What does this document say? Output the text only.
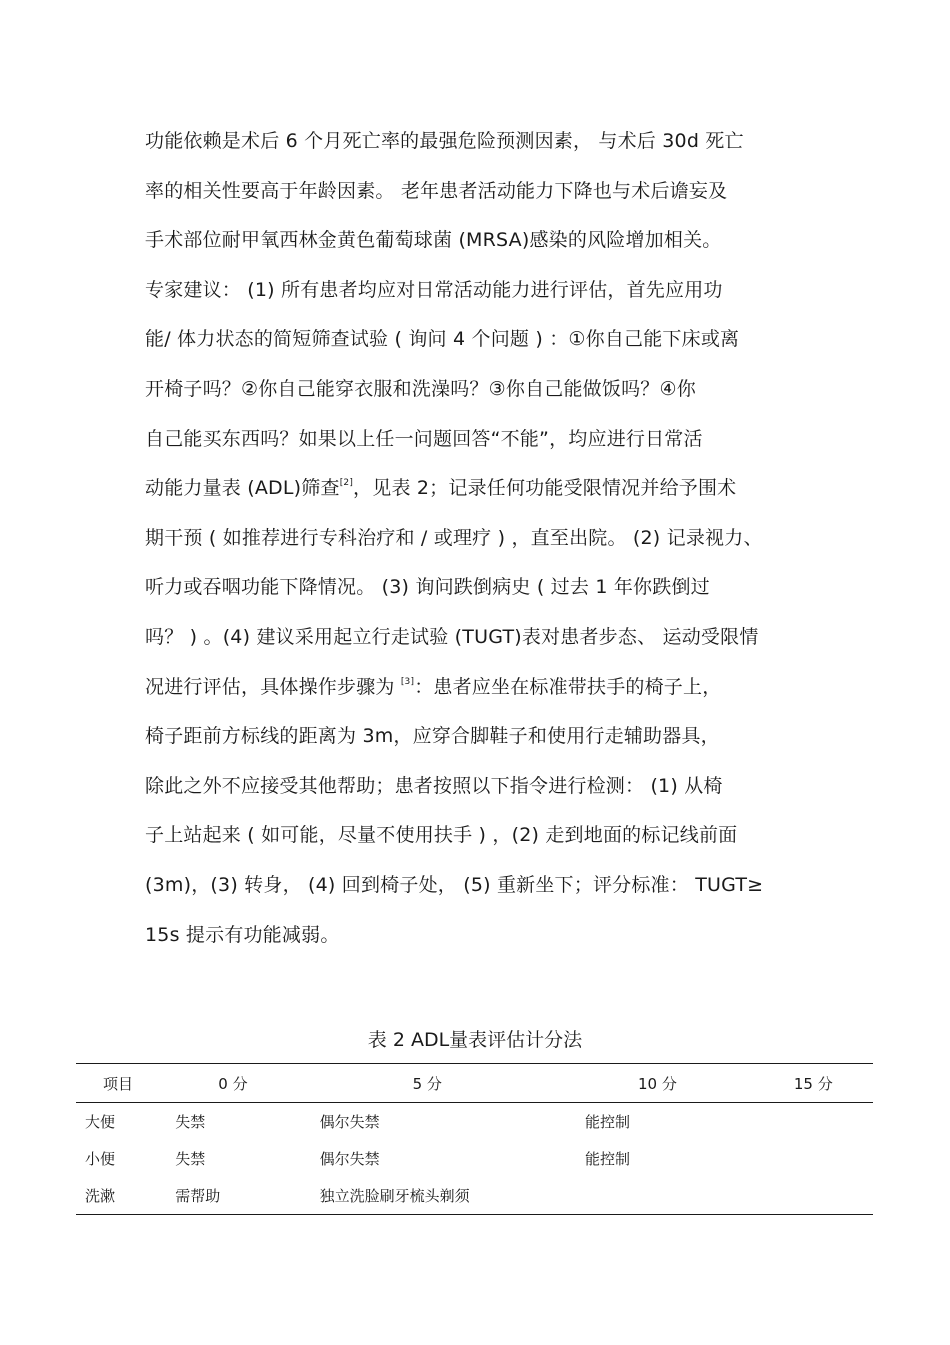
功能依赖是术后 6 个月死亡率的最强危险预测因素， 与术后 30d 死亡
率的相关性要高于年龄因素。 老年患者活动能力下降也与术后谵妄及
手术部位耐甲氧西林金黄色葡萄球菌 (MRSA)感染的风险增加相关。
专家建议： (1) 所有患者均应对日常活动能力进行评估，首先应用功
能/ 体力状态的简短筛查试验 ( 询问 4 个问题 ) ：①你自己能下床或离
开椅子吗？②你自己能穿衣服和洗澡吗？③你自己能做饭吗？④你
自己能买东西吗？如果以上任一问题回答“不能”，均应进行日常活
动能力量表 (ADL)筛查[2]，见表 2；记录任何功能受限情况并给予围术
期干预 ( 如推荐进行专科治疗和 / 或理疗 ) ，直至出院。 (2) 记录视力、
听力或吞咽功能下降情况。 (3) 询问跌倒病史 ( 过去 1 年你跌倒过
吗？ ) 。(4) 建议采用起立行走试验 (TUGT)表对患者步态、 运动受限情
况进行评估，具体操作步骤为 [3]：患者应坐在标准带扶手的椅子上，
椅子距前方标线的距离为 3m，应穿合脚鞋子和使用行走辅助器具，
除此之外不应接受其他帮助；患者按照以下指令进行检测： (1) 从椅
子上站起来 ( 如可能，尽量不使用扶手 ) ，(2) 走到地面的标记线前面
(3m)，(3) 转身， (4) 回到椅子处， (5) 重新坐下；评分标准： TUGT≥
15s 提示有功能减弱。
表 2 ADL量表评估计分法
项目	0 分	5 分	10 分	15 分
大便	失禁	偶尔失禁	能控制	
小便	失禁	偶尔失禁	能控制	
洗漱	需帮助	独立洗脸刷牙梳头剃须		
